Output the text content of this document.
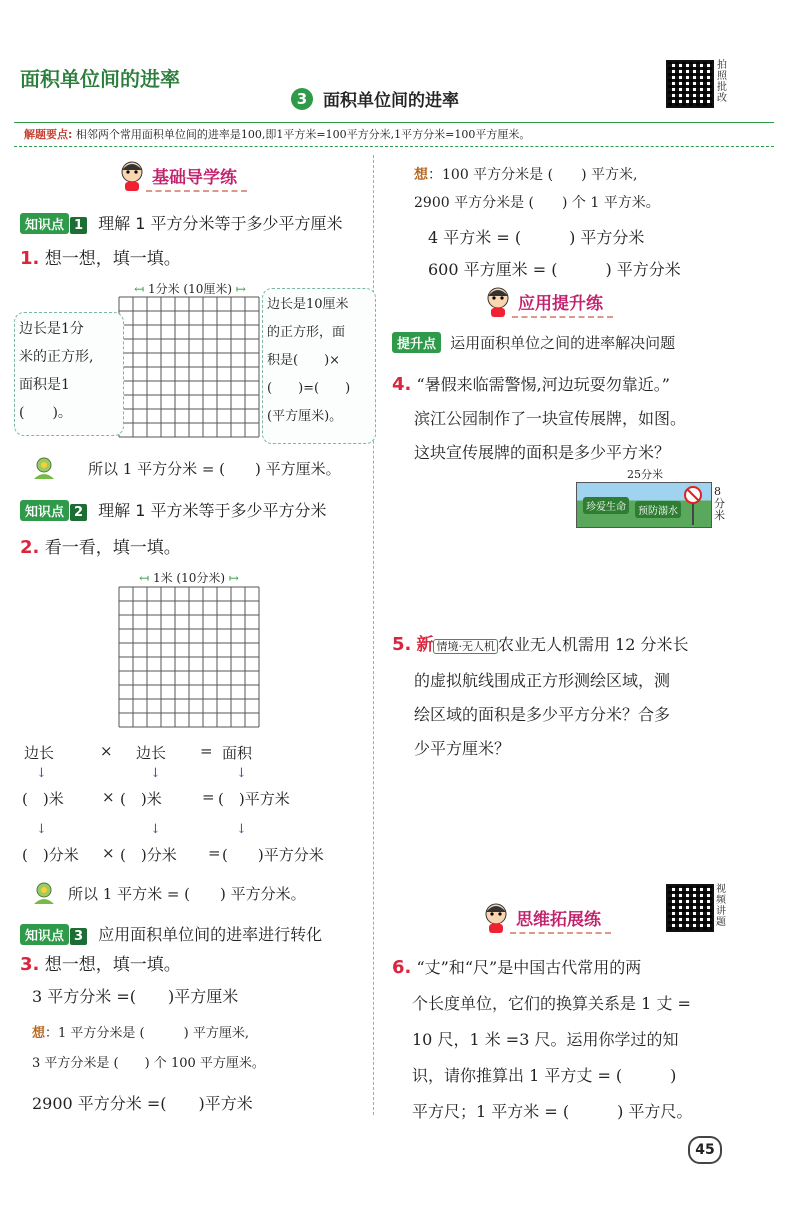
面积单位间的进率
3 面积单位间的进率
拍照批改
解题要点: 相邻两个常用面积单位间的进率是100,即1平方米=100平方分米,1平方分米=100平方厘米。
基础导学练
知识点 1 理解 1 平方分米等于多少平方厘米
1. 想一想，填一填。
↤ 1分米 (10厘米) ↦
边长是1分
米的正方形,
面积是1
(　　)。
边长是10厘米
的正方形，面
积是(　　)×
(　　)=(　　)
(平方厘米)。
所以 1 平方分米 = (　　) 平方厘米。
知识点 2 理解 1 平方米等于多少平方分米
2. 看一看，填一填。
↤ 1米 (10分米) ↦
边长	× 边长 = 面积
↓	↓	↓
(　)米	× (　)米	= (　)平方米
↓	↓	↓
(　)分米 × (　)分米 = (　　)平方分米
所以 1 平方米 = (　　) 平方分米。
知识点 3 应用面积单位间的进率进行转化
3. 想一想，填一填。
3 平方分米 =(　　)平方厘米
想：1 平方分米是 (　　　) 平方厘米,
3 平方分米是 (　　) 个 100 平方厘米。
2900 平方分米 =(　　)平方米
想：100 平方分米是 (　　) 平方米,
2900 平方分米是 (　　) 个 1 平方米。
4 平方米 = (　　　) 平方分米
600 平方厘米 = (　　　) 平方分米
应用提升练
提升点 运用面积单位之间的进率解决问题
4. “暑假来临需警惕,河边玩耍勿靠近。”
滨江公园制作了一块宣传展牌，如图。
这块宣传展牌的面积是多少平方米？
25分米
珍爱生命	预防溺水
8分米
5. 新 情境·无人机 农业无人机需用 12 分米长
的虚拟航线围成正方形测绘区域，测
绘区域的面积是多少平方分米？合多
少平方厘米？
思维拓展练
视频讲题
6. “丈”和“尺”是中国古代常用的两
个长度单位，它们的换算关系是 1 丈 =
10 尺，1 米 =3 尺。运用你学过的知
识，请你推算出 1 平方丈 = (　　　)
平方尺；1 平方米 = (　　　) 平方尺。
45
